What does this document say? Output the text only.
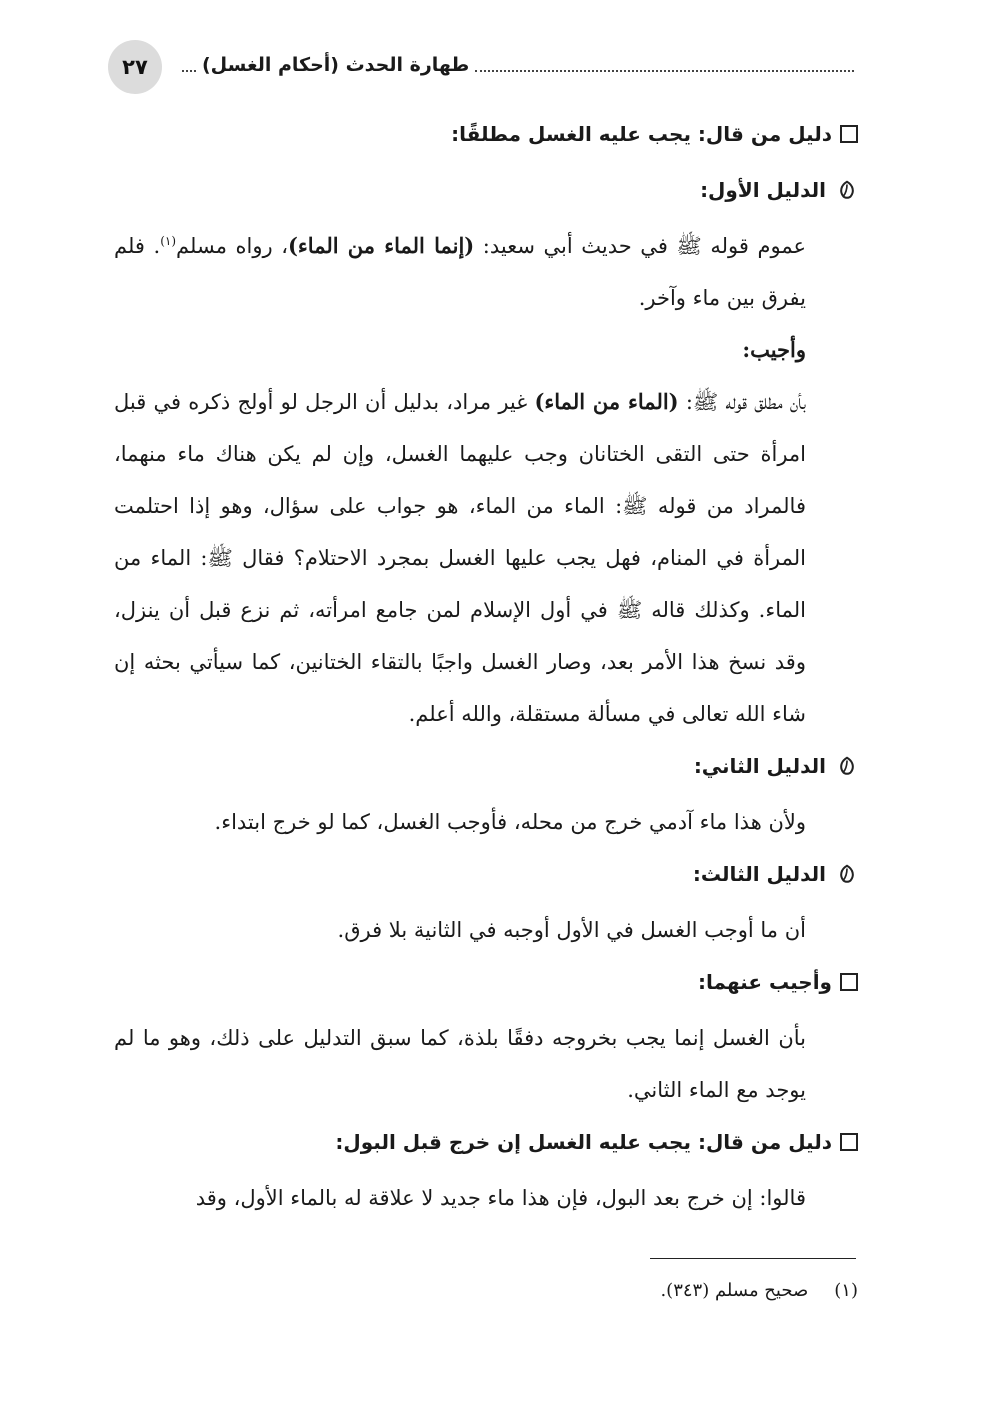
٢٧	طهارة الحدث (أحكام الغسل)

دليل من قال: يجب عليه الغسل مطلقًا:

الدليل الأول:

عموم قوله ﷺ في حديث أبي سعيد: (إنما الماء من الماء)، رواه مسلم$^{(١)}$. فلم يفرق بين ماء وآخر.

وأجيب:

بأن مطلق قوله ﷺ: (الماء من الماء) غير مراد، بدليل أن الرجل لو أولج ذكره في قبل امرأة حتى التقى الختانان وجب عليهما الغسل، وإن لم يكن هناك ماء منهما، فالمراد من قوله ﷺ: الماء من الماء، هو جواب على سؤال، وهو إذا احتلمت المرأة في المنام، فهل يجب عليها الغسل بمجرد الاحتلام؟ فقال ﷺ: الماء من الماء. وكذلك قاله ﷺ في أول الإسلام لمن جامع امرأته، ثم نزع قبل أن ينزل، وقد نسخ هذا الأمر بعد، وصار الغسل واجبًا بالتقاء الختانين، كما سيأتي بحثه إن شاء الله تعالى في مسألة مستقلة، والله أعلم.

الدليل الثاني:

ولأن هذا ماء آدمي خرج من محله، فأوجب الغسل، كما لو خرج ابتداء.

الدليل الثالث:

أن ما أوجب الغسل في الأول أوجبه في الثانية بلا فرق.

وأجيب عنهما:

بأن الغسل إنما يجب بخروجه دفقًا بلذة، كما سبق التدليل على ذلك، وهو ما لم يوجد مع الماء الثاني.

دليل من قال: يجب عليه الغسل إن خرج قبل البول:

قالوا: إن خرج بعد البول، فإن هذا ماء جديد لا علاقة له بالماء الأول، وقد

(١)صحيح مسلم (٣٤٣).
